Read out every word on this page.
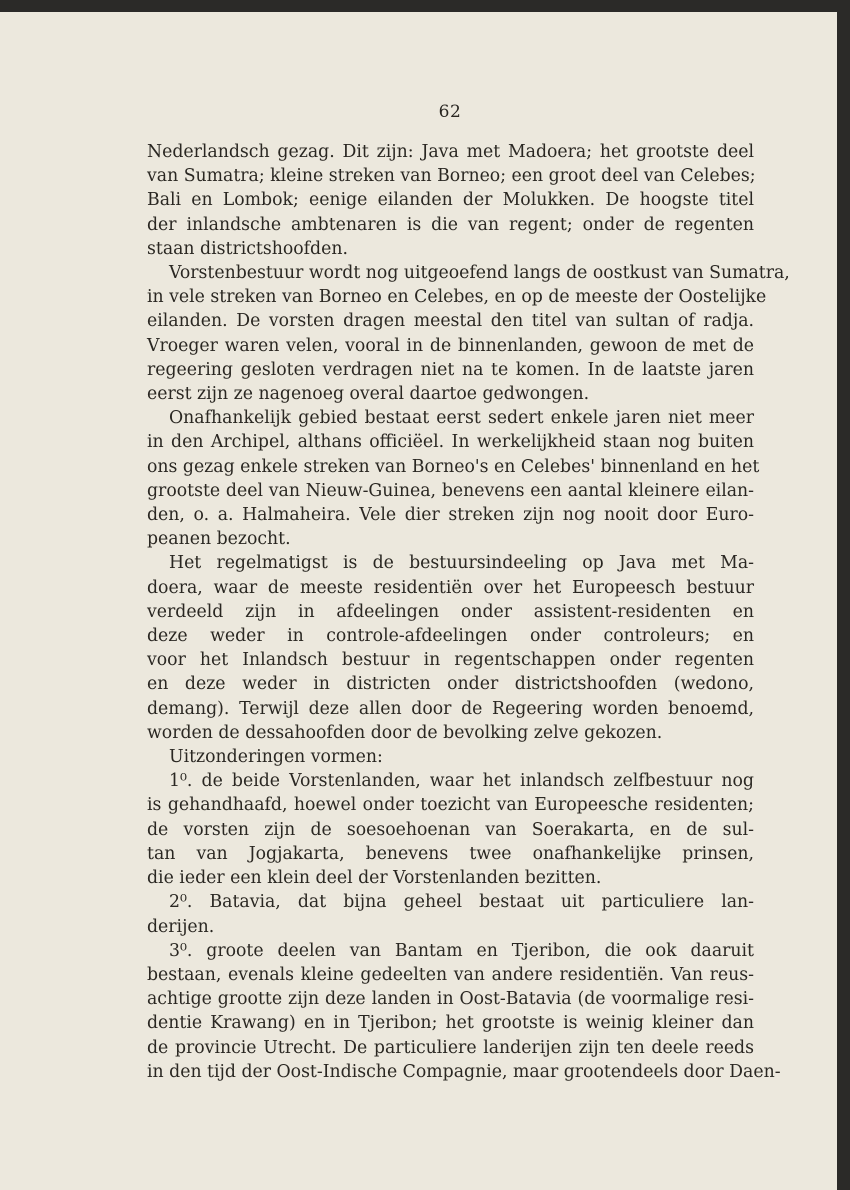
62
Nederlandsch gezag. Dit zijn: Java met Madoera; het grootste deel
van Sumatra; kleine streken van Borneo; een groot deel van Celebes;
Bali en Lombok; eenige eilanden der Molukken. De hoogste titel
der inlandsche ambtenaren is die van regent; onder de regenten
staan districtshoofden.
Vorstenbestuur wordt nog uitgeoefend langs de oostkust van Sumatra,
in vele streken van Borneo en Celebes, en op de meeste der Oostelijke
eilanden. De vorsten dragen meestal den titel van sultan of radja.
Vroeger waren velen, vooral in de binnenlanden, gewoon de met de
regeering gesloten verdragen niet na te komen. In de laatste jaren
eerst zijn ze nagenoeg overal daartoe gedwongen.
Onafhankelijk gebied bestaat eerst sedert enkele jaren niet meer
in den Archipel, althans officiëel. In werkelijkheid staan nog buiten
ons gezag enkele streken van Borneo's en Celebes' binnenland en het
grootste deel van Nieuw-Guinea, benevens een aantal kleinere eilan-
den, o. a. Halmaheira. Vele dier streken zijn nog nooit door Euro-
peanen bezocht.
Het regelmatigst is de bestuursindeeling op Java met Ma-
doera, waar de meeste residentiën over het Europeesch bestuur
verdeeld zijn in afdeelingen onder assistent-residenten en
deze weder in controle-afdeelingen onder controleurs; en
voor het Inlandsch bestuur in regentschappen onder regenten
en deze weder in districten onder districtshoofden (wedono,
demang). Terwijl deze allen door de Regeering worden benoemd,
worden de dessahoofden door de bevolking zelve gekozen.
Uitzonderingen vormen:
1⁰. de beide Vorstenlanden, waar het inlandsch zelfbestuur nog
is gehandhaafd, hoewel onder toezicht van Europeesche residenten;
de vorsten zijn de soesoehoenan van Soerakarta, en de sul-
tan van Jogjakarta, benevens twee onafhankelijke prinsen,
die ieder een klein deel der Vorstenlanden bezitten.
2⁰. Batavia, dat bijna geheel bestaat uit particuliere lan-
derijen.
3⁰. groote deelen van Bantam en Tjeribon, die ook daaruit
bestaan, evenals kleine gedeelten van andere residentiën. Van reus-
achtige grootte zijn deze landen in Oost-Batavia (de voormalige resi-
dentie Krawang) en in Tjeribon; het grootste is weinig kleiner dan
de provincie Utrecht. De particuliere landerijen zijn ten deele reeds
in den tijd der Oost-Indische Compagnie, maar grootendeels door Daen-
